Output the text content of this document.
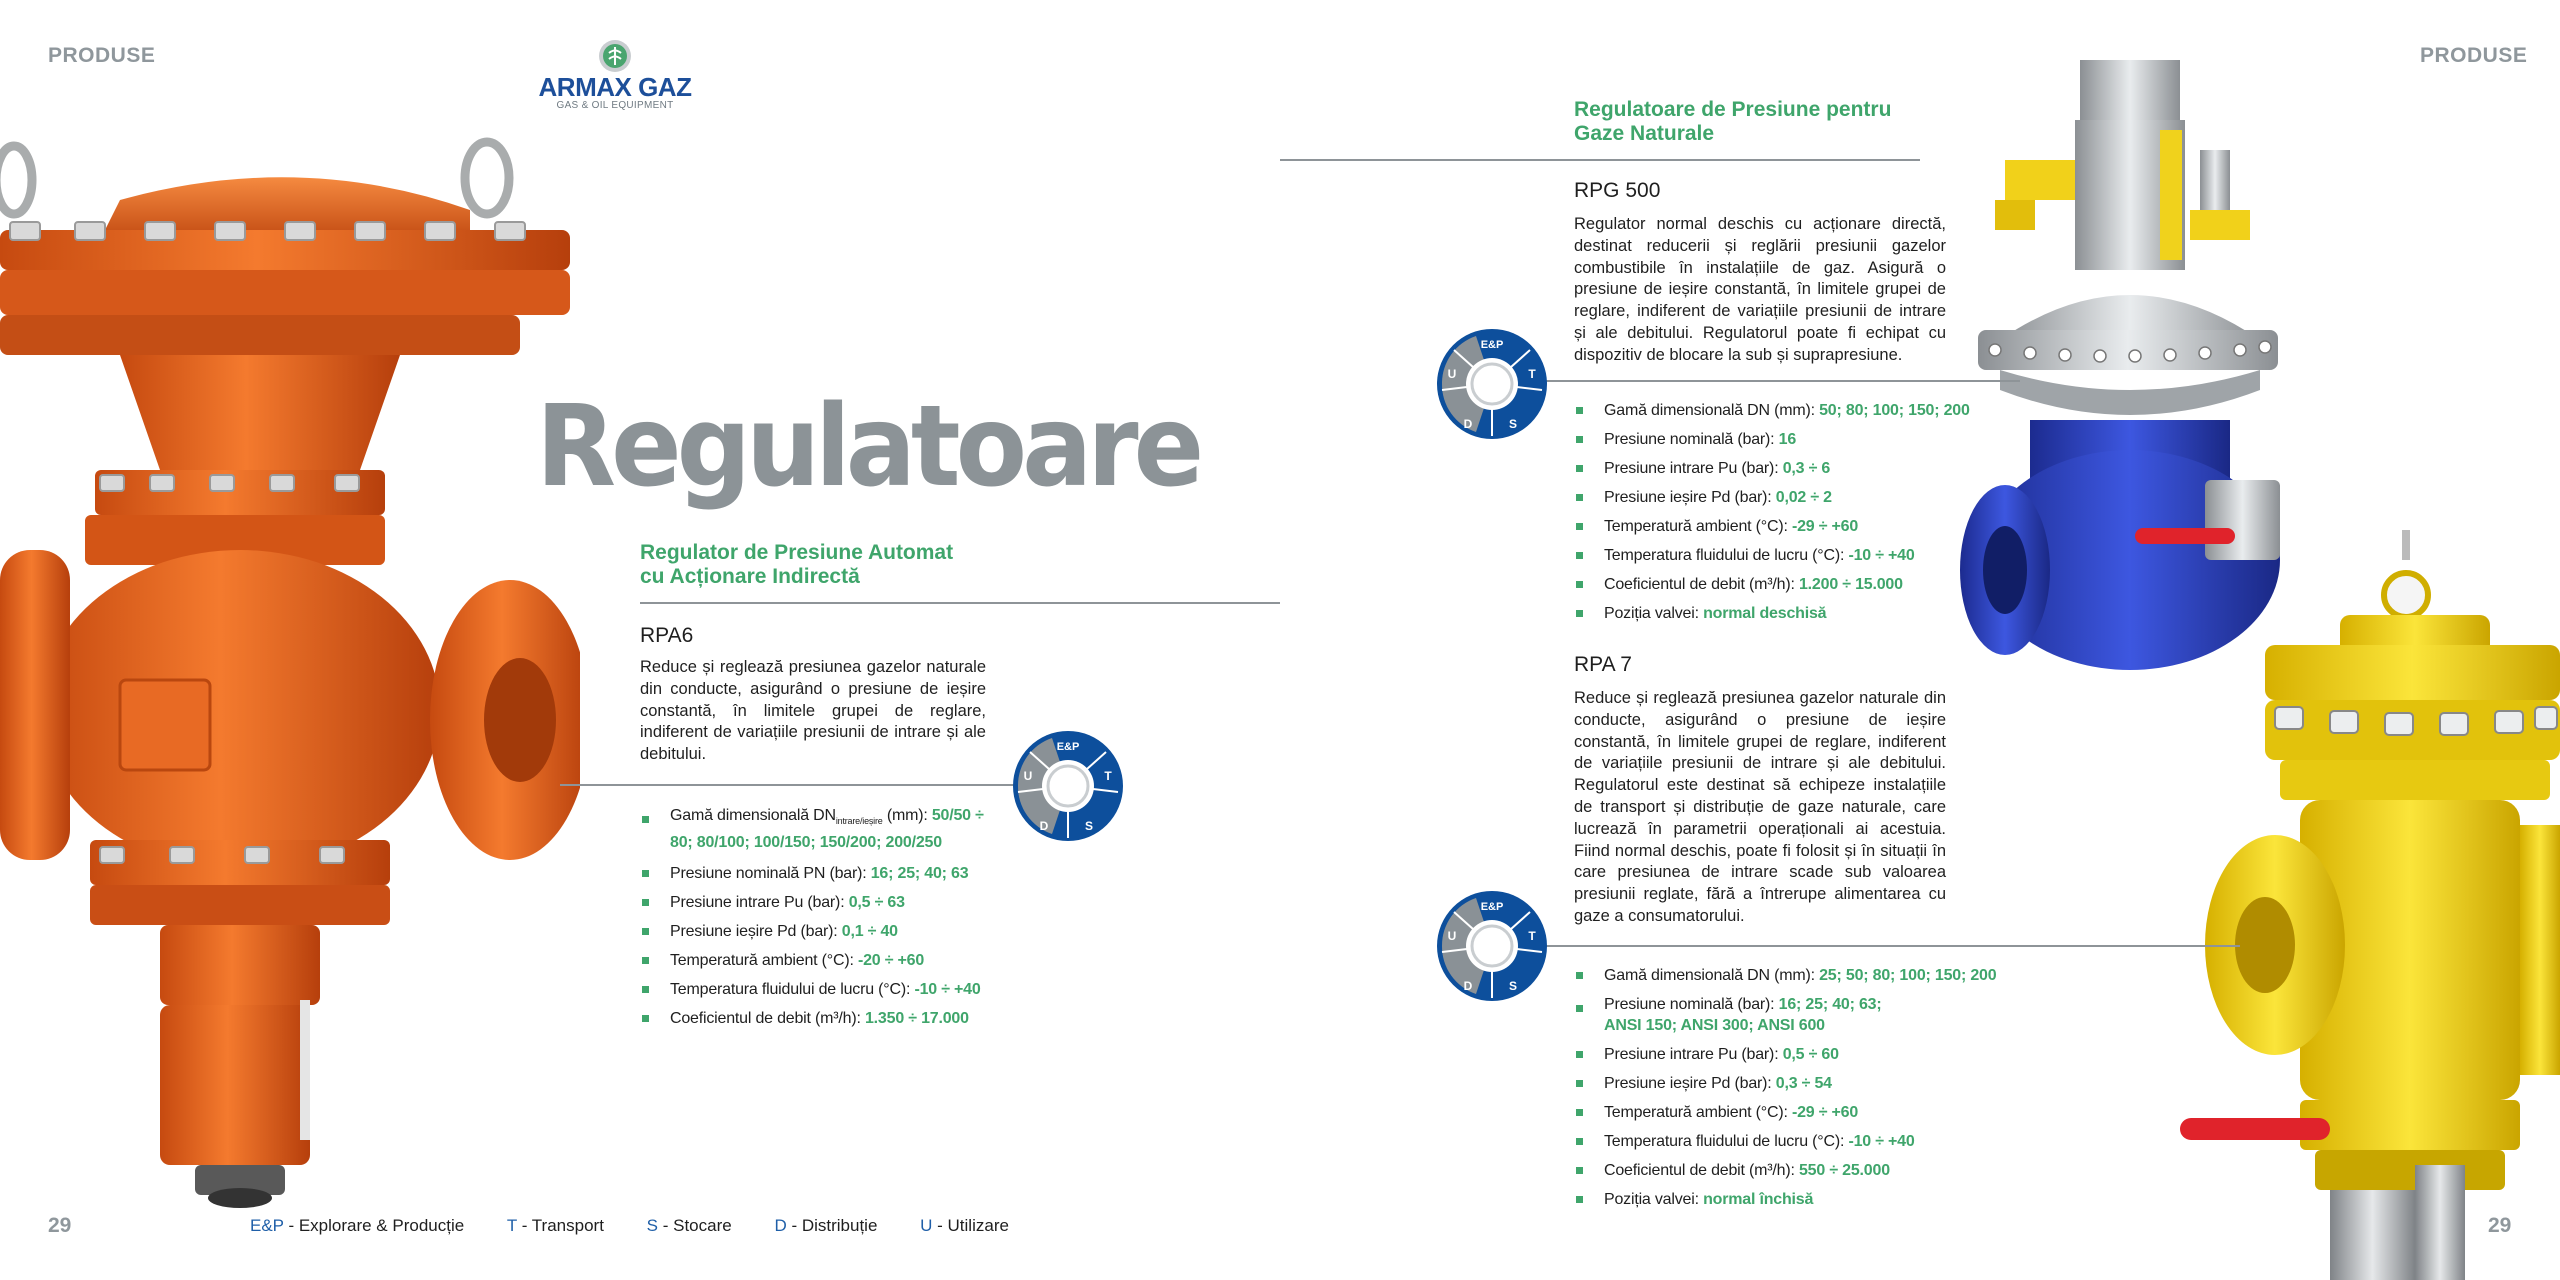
PRODUSE	PRODUSE
ARMAX GAZ
GAS & OIL EQUIPMENT
Regulatoare
Regulator de Presiune Automat
cu Acționare Indirectă
RPA6
Reduce și reglează presiunea gazelor naturale din conducte, asigurând o presiune de ieșire constantă, în limitele grupei de reglare, indiferent de variațiile presiunii de intrare și ale debitului.
Gamă dimensională $DN_{intrare/ieșire}$ (mm): 50/50 ÷
80; 80/100; 100/150; 150/200; 200/250
Presiune nominală PN (bar): 16; 25; 40; 63
Presiune intrare Pu (bar): 0,5 ÷ 63
Presiune ieșire Pd (bar): 0,1 ÷ 40
Temperatură ambient (°C): -20 ÷ +60
Temperatura fluidului de lucru (°C): -10 ÷ +40
Coeficientul de debit (m³/h): 1.350 ÷ 17.000
E&P
T
S
D
U
Regulatoare de Presiune pentru
Gaze Naturale
RPG 500
Regulator normal deschis cu acționare directă, destinat reducerii și reglării presiunii gazelor combustibile în instalațiile de gaz. Asigură o presiune de ieșire constantă, în limitele grupei de reglare, indiferent de variațiile presiunii de intrare și ale debitului. Regulatorul poate fi echipat cu dispozitiv de blocare la sub și suprapresiune.
Gamă dimensională DN (mm): 50; 80; 100; 150; 200
Presiune nominală (bar): 16
Presiune intrare Pu (bar): 0,3 ÷ 6
Presiune ieșire Pd (bar): 0,02 ÷ 2
Temperatură ambient (°C): -29 ÷ +60
Temperatura fluidului de lucru (°C): -10 ÷ +40
Coeficientul de debit (m³/h): 1.200 ÷ 15.000
Poziția valvei: normal deschisă
E&P
T
S
D
U
RPA 7
Reduce și reglează presiunea gazelor naturale din conducte, asigurând o presiune de ieșire constantă, în limitele grupei de reglare, indiferent de variațiile presiunii de intrare și ale debitului. Regulatorul este destinat să echipeze instalațiile de transport și distribuție de gaze naturale, care lucrează în parametrii operaționali ai acestuia. Fiind normal deschis, poate fi folosit și în situații în care presiunea de intrare scade sub valoarea presiunii reglate, fără a întrerupe alimentarea cu gaze a consumatorului.
Gamă dimensională DN (mm): 25; 50; 80; 100; 150; 200
Presiune nominală (bar): 16; 25; 40; 63;
ANSI 150; ANSI 300; ANSI 600
Presiune intrare Pu (bar): 0,5 ÷ 60
Presiune ieșire Pd (bar): 0,3 ÷ 54
Temperatură ambient (°C): -29 ÷ +60
Temperatura fluidului de lucru (°C): -10 ÷ +40
Coeficientul de debit (m³/h): 550 ÷ 25.000
Poziția valvei: normal închisă
E&P
T
S
D
U
29	29
E&P - Explorare & Producție	T - Transport	S - Stocare	D - Distribuție	U - Utilizare
